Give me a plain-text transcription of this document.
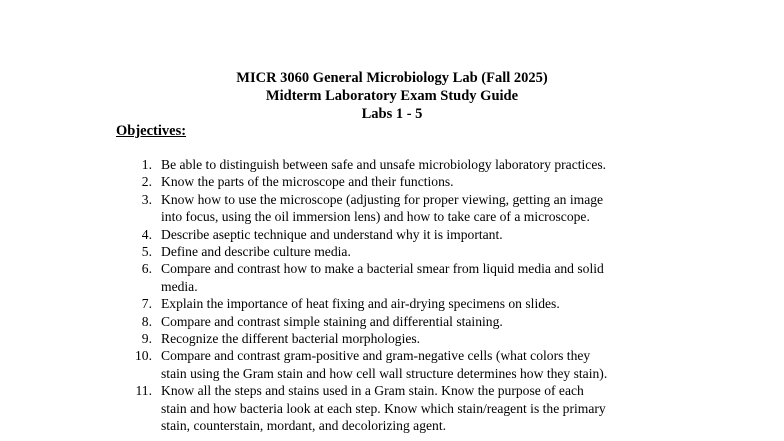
MICR 3060 General Microbiology Lab (Fall 2025)
Midterm Laboratory Exam Study Guide
Labs 1 - 5
Objectives:
1. Be able to distinguish between safe and unsafe microbiology laboratory practices.
2. Know the parts of the microscope and their functions.
3. Know how to use the microscope (adjusting for proper viewing, getting an image
into focus, using the oil immersion lens) and how to take care of a microscope.
4. Describe aseptic technique and understand why it is important.
5. Define and describe culture media.
6. Compare and contrast how to make a bacterial smear from liquid media and solid
media.
7. Explain the importance of heat fixing and air-drying specimens on slides.
8. Compare and contrast simple staining and differential staining.
9. Recognize the different bacterial morphologies.
10. Compare and contrast gram-positive and gram-negative cells (what colors they
stain using the Gram stain and how cell wall structure determines how they stain).
11. Know all the steps and stains used in a Gram stain. Know the purpose of each
stain and how bacteria look at each step. Know which stain/reagent is the primary
stain, counterstain, mordant, and decolorizing agent.
